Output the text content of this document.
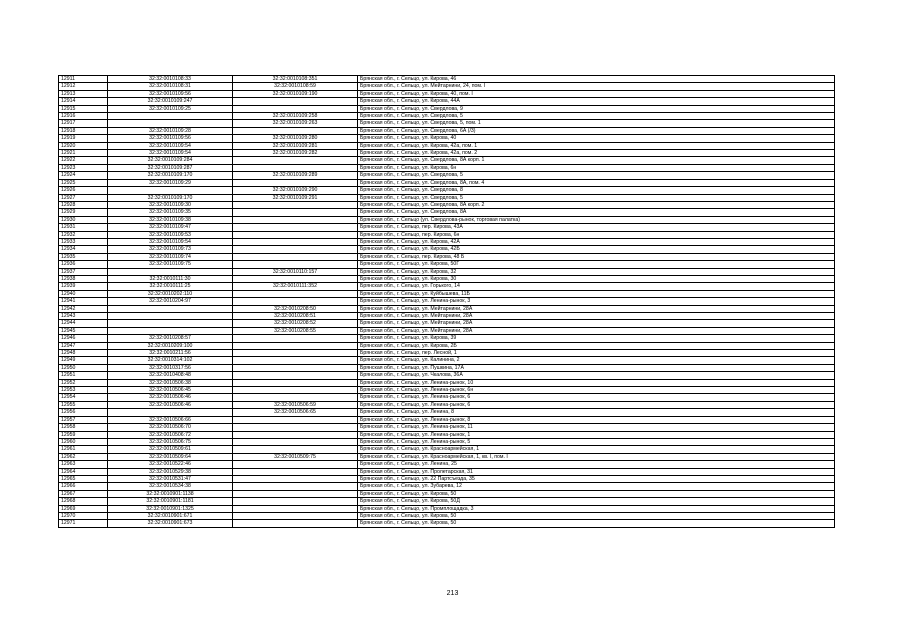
12911	32:32:0010108:33	32:32:0010108:351	Брянская обл., г. Сельцо, ул. Кирова, 46
12912	32:32:0010108:31	32:32:0010108:59	Брянская обл., г. Сельцо, ул. Мейтарнини, 24, пом. I
12913	32:32:0010109:56	32:32:0010109:190	Брянская обл., г. Сельцо, ул. Кирова, 40, пом. I
12914	32:32:0010109:247		Брянская обл., г. Сельцо, ул. Кирова, 44А
12915	32:32:0010109:25		Брянская обл., г. Сельцо, ул. Свердлова, 9
12916		32:32:0010109:258	Брянская обл., г. Сельцо, ул. Свердлова, 5
12917		32:32:0010109:263	Брянская обл., г. Сельцо, ул. Свердлова, 5, пом. 1
12918	32:32:0010109:28		Брянская обл., г. Сельцо, ул. Свердлова, 6А (/3)
12919	32:32:0010109:56	32:32:0010109:280	Брянская обл., г. Сельцо, ул. Кирова, 40
12920	32:32:0010109:54	32:32:0010109:281	Брянская обл., г. Сельцо, ул. Кирова, 42а, пом. 1
12921	32:32:0010109:54	32:32:0010109:282	Брянская обл., г. Сельцо, ул. Кирова, 42а, пом. 2
12922	32:32:0010109:284		Брянская обл., г. Сельцо, ул. Свердлова, 8А корп. 1
12923	32:32:0010109:287		Брянская обл., г. Сельцо, ул. Кирова, 6н
12924	32:32:0010109:170	32:32:0010109:289	Брянская обл., г. Сельцо, ул. Свердлова, 5
12925	32:32:0010109:29		Брянская обл., г. Сельцо, ул. Свердлова, 8А, пом. 4
12926		32:32:0010109:290	Брянская обл., г. Сельцо, ул. Свердлова, 8
12927	32:32:0010109:170	32:32:0010109:291	Брянская обл., г. Сельцо, ул. Свердлова, 5
12928	32:32:0010109:30		Брянская обл., г. Сельцо, ул. Свердлова, 8А корп. 2
12929	32:32:0010109:35		Брянская обл., г. Сельцо, ул. Свердлова, 8А
12930	32:32:0010109:38		Брянская обл., г. Сельцо (ул. Свердлова-рынок, торговая палатка)
12931	32:32:0010109:47		Брянская обл., г. Сельцо, пер. Кирова, 43А
12932	32:32:0010109:53		Брянская обл., г. Сельцо, пер. Кирова, 6н
12933	32:32:0010109:54		Брянская обл., г. Сельцо, ул. Кирова, 42А
12934	32:32:0010109:73		Брянская обл., г. Сельцо, ул. Кирова, 42Б
12935	32:32:0010109:74		Брянская обл., г. Сельцо, пер. Кирова, 48 Б
12936	32:32:0010109:75		Брянская обл., г. Сельцо, ул. Кирова, 50Г
12937		32:32:0010110:157	Брянская обл., г. Сельцо, ул. Кирова, 32
12938	32:32:0010111:30		Брянская обл., г. Сельцо, ул. Кирова, 30
12939	32:32:0010111:25	32:32:0010111:352	Брянская обл., г. Сельцо, ул. Горького, 14
12940	32:32:0010202:110		Брянская обл., г. Сельцо, ул. Куйбышева, 11Б
12941	32:32:0010204:97		Брянская обл., г. Сельцо, ул. Ленина-рынок, 3
12942		32:32:0010208:50	Брянская обл., г. Сельцо, ул. Мейтарнини, 28А
12943		32:32:0010208:51	Брянская обл., г. Сельцо, ул. Мейтарнини, 28А
12944		32:32:0010208:52	Брянская обл., г. Сельцо, ул. Мейтарнини, 28А
12945		32:32:0010208:55	Брянская обл., г. Сельцо, ул. Мейтарнини, 28А
12946	32:32:0010208:57		Брянская обл., г. Сельцо, ул. Кирова, 39
12947	32:32:0010209:100		Брянская обл., г. Сельцо, ул. Кирова, 2Б
12948	32:32:0010211:56		Брянская обл., г. Сельцо, пер. Лесной, 1
12949	32:32:0010314:102		Брянская обл., г. Сельцо, ул. Калинина, 2
12950	32:32:0010317:56		Брянская обл., г. Сельцо, ул. Пушкина, 17А
12951	32:32:0010408:48		Брянская обл., г. Сельцо, ул. Чкалова, 36А
12952	32:32:0010506:38		Брянская обл., г. Сельцо, ул. Ленина-рынок, 10
12953	32:32:0010506:45		Брянская обл., г. Сельцо, ул. Ленина-рынок, 6н
12954	32:32:0010506:46		Брянская обл., г. Сельцо, ул. Ленина-рынок, 6
12955	32:32:0010506:46	32:32:0010506:59	Брянская обл., г. Сельцо, ул. Ленина-рынок, 6
12956		32:32:0010506:65	Брянская обл., г. Сельцо, ул. Ленина, 8
12957	32:32:0010506:66		Брянская обл., г. Сельцо, ул. Ленина-рынок, 8
12958	32:32:0010506:70		Брянская обл., г. Сельцо, ул. Ленина-рынок, 11
12959	32:32:0010506:72		Брянская обл., г. Сельцо, ул. Ленина-рынок, 1
12960	32:32:0010506:75		Брянская обл., г. Сельцо, ул. Ленина-рынок, 5
12961	32:32:0010509:61		Брянская обл., г. Сельцо, ул. Красноармейская, 1
12962	32:32:0010509:64	32:32:0010509:75	Брянская обл., г. Сельцо, ул. Красноармейская, 1, кв. I, пом. I
12963	32:32:0010522:46		Брянская обл., г. Сельцо, ул. Ленина, 25
12964	32:32:0010529:38		Брянская обл., г. Сельцо, ул. Пролетарская, 31
12965	32:32:0010531:47		Брянская обл., г. Сельцо, ул. 22 Партсъезда, 35
12966	32:32:0010534:38		Брянская обл., г. Сельцо, ул. Зубарева, 12
12967	32:32:0010901:1138		Брянская обл., г. Сельцо, ул. Кирова, 50
12968	32:32:0010901:1181		Брянская обл., г. Сельцо, ул. Кирова, 50Д
12969	32:32:0010901:1325		Брянская обл., г. Сельцо, ул. Промплощадка, 3
12970	32:32:0010901:671		Брянская обл., г. Сельцо, ул. Кирова, 50
12971	32:32:0010901:673		Брянская обл., г. Сельцо, ул. Кирова, 50
213
